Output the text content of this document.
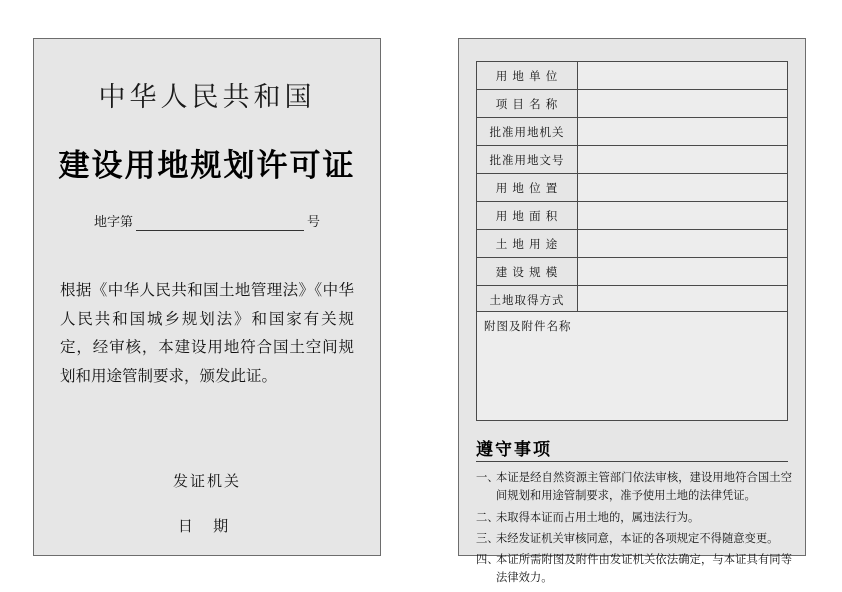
中华人民共和国
建设用地规划许可证
地字第	号
根据《中华人民共和国土地管理法》《中华人民共和国城乡规划法》和国家有关规定，经审核，本建设用地符合国土空间规划和用途管制要求，颁发此证。
发证机关
日 期
用 地 单 位	
项 目 名 称	
批准用地机关	
批准用地文号	
用 地 位 置	
用 地 面 积	
土 地 用 途	
建 设 规 模	
土地取得方式	
附图及附件名称
遵守事项
一、
本证是经自然资源主管部门依法审核，建设用地符合国土空间规划和用途管制要求，准予使用土地的法律凭证。
二、
未取得本证而占用土地的，属违法行为。
三、
未经发证机关审核同意，本证的各项规定不得随意变更。
四、
本证所需附图及附件由发证机关依法确定，与本证具有同等法律效力。
